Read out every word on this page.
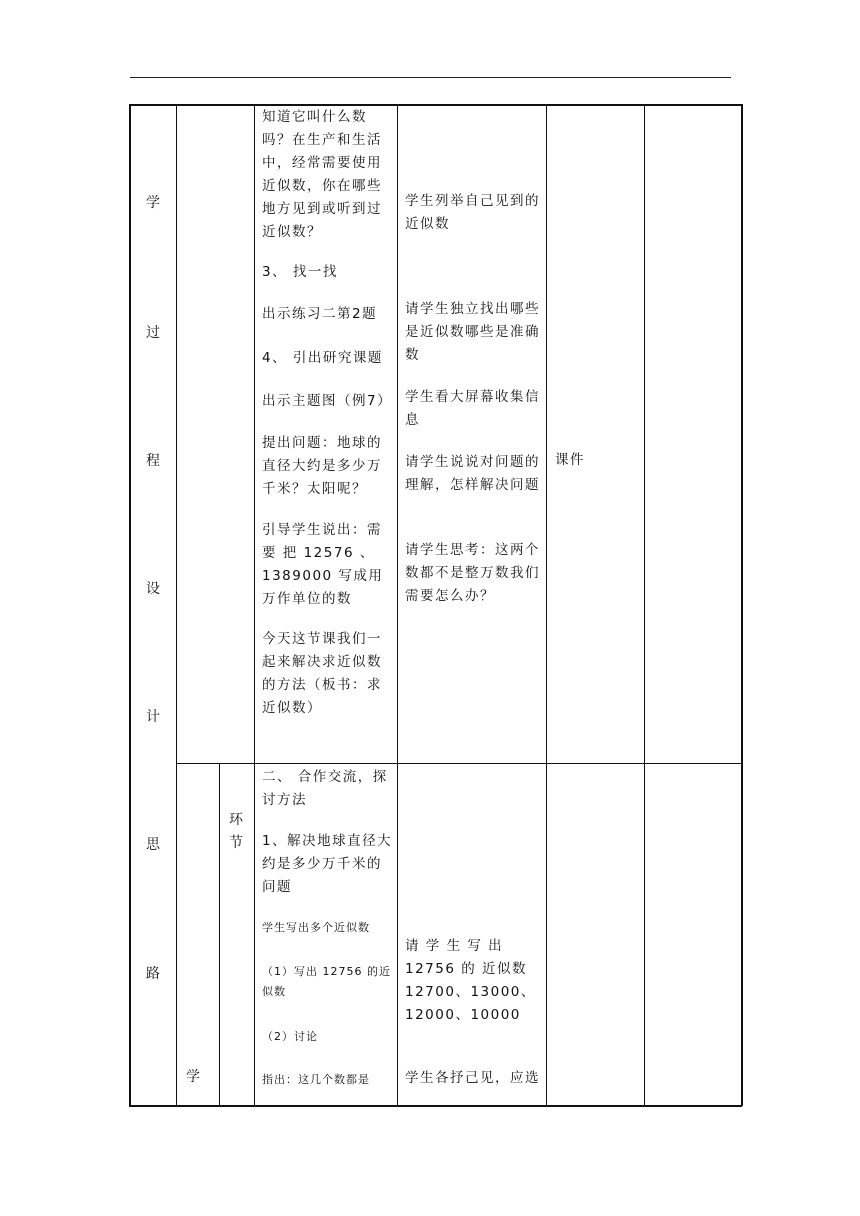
学
过
程
设
计
思
路
环
节
学
知道它叫什么数吗？在生产和生活中，经常需要使用近似数，你在哪些地方见到或听到过近似数？
3、 找一找
出示练习二第2题
4、 引出研究课题
出示主题图（例7）
提出问题：地球的直径大约是多少万千米？太阳呢？
引导学生说出：需要 把 12576 、1389000 写成用万作单位的数
今天这节课我们一起来解决求近似数的方法（板书：求近似数）
学生列举自己见到的近似数
请学生独立找出哪些是近似数哪些是准确数
学生看大屏幕收集信息
请学生说说对问题的理解，怎样解决问题
请学生思考：这两个数都不是整万数我们需要怎么办？
课件
二、 合作交流，探讨方法
1、解决地球直径大约是多少万千米的问题
学生写出多个近似数
（1）写出 12756 的近似数
（2）讨论
指出：这几个数都是
请 学 生 写 出 12756 的 近似数 12700、13000、12000、10000
学生各抒己见，应选
